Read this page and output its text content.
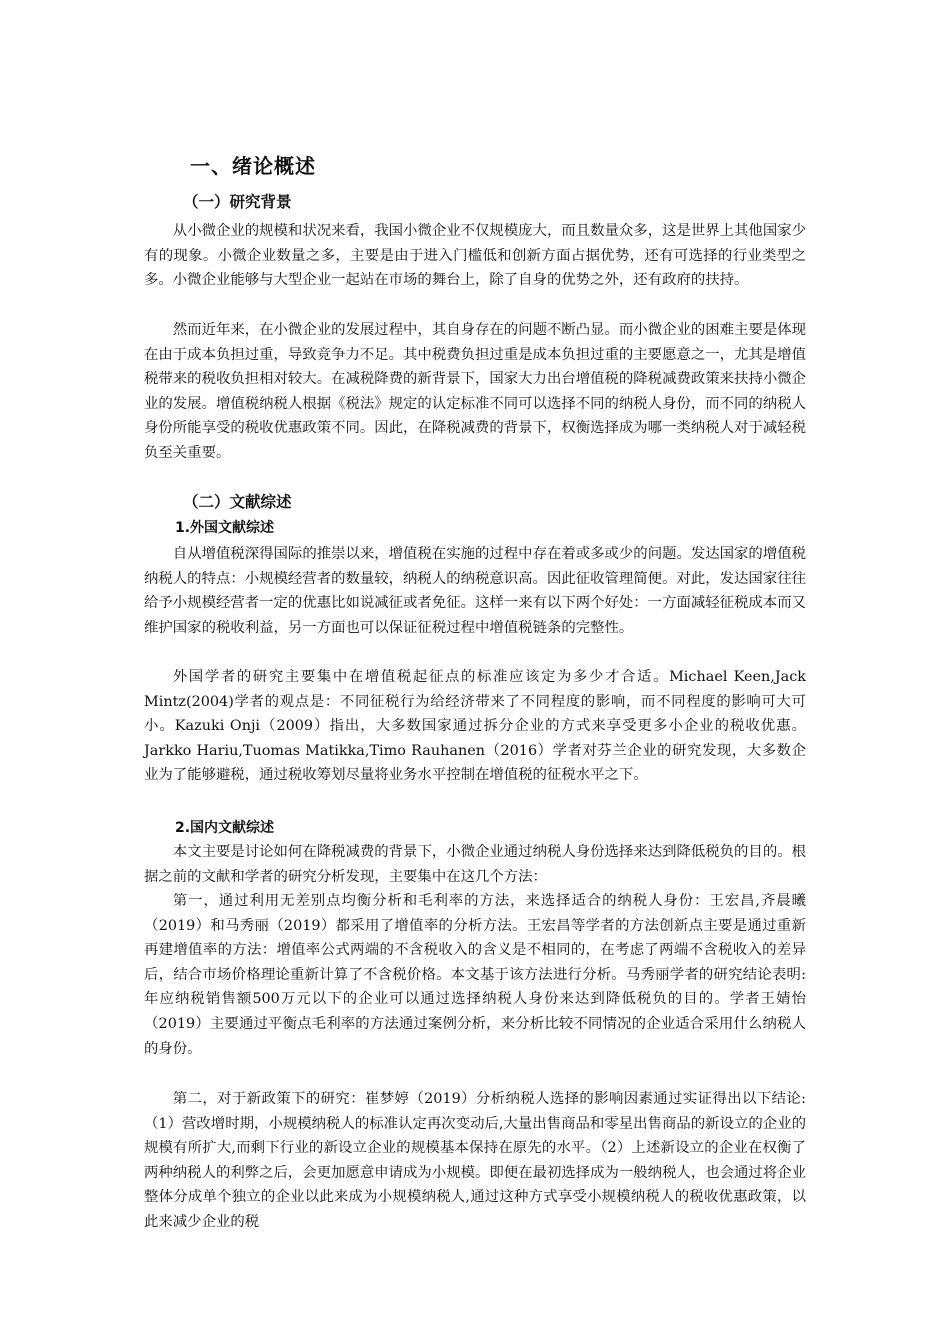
一、绪论概述
（一）研究背景

从小微企业的规模和状况来看，我国小微企业不仅规模庞大，而且数量众多，这是世界上其他国家少有的现象。小微企业数量之多，主要是由于进入门槛低和创新方面占据优势，还有可选择的行业类型之多。小微企业能够与大型企业一起站在市场的舞台上，除了自身的优势之外，还有政府的扶持。

然而近年来，在小微企业的发展过程中，其自身存在的问题不断凸显。而小微企业的困难主要是体现在由于成本负担过重，导致竞争力不足。其中税费负担过重是成本负担过重的主要愿意之一，尤其是增值税带来的税收负担相对较大。在减税降费的新背景下，国家大力出台增值税的降税减费政策来扶持小微企业的发展。增值税纳税人根据《税法》规定的认定标准不同可以选择不同的纳税人身份，而不同的纳税人身份所能享受的税收优惠政策不同。因此，在降税减费的背景下，权衡选择成为哪一类纳税人对于减轻税负至关重要。

（二）文献综述
1.外国文献综述

自从增值税深得国际的推崇以来，增值税在实施的过程中存在着或多或少的问题。发达国家的增值税纳税人的特点：小规模经营者的数量较，纳税人的纳税意识高。因此征收管理简便。对此，发达国家往往给予小规模经营者一定的优惠比如说减征或者免征。这样一来有以下两个好处：一方面减轻征税成本而又维护国家的税收利益，另一方面也可以保证征税过程中增值税链条的完整性。

外国学者的研究主要集中在增值税起征点的标准应该定为多少才合适。Michael Keen,Jack Mintz(2004)学者的观点是：不同征税行为给经济带来了不同程度的影响，而不同程度的影响可大可小。Kazuki Onji（2009）指出，大多数国家通过拆分企业的方式来享受更多小企业的税收优惠。Jarkko Hariu,Tuomas Matikka,Timo Rauhanen（2016）学者对芬兰企业的研究发现，大多数企业为了能够避税，通过税收筹划尽量将业务水平控制在增值税的征税水平之下。

2.国内文献综述

本文主要是讨论如何在降税减费的背景下，小微企业通过纳税人身份选择来达到降低税负的目的。根据之前的文献和学者的研究分析发现，主要集中在这几个方法：

第一，通过利用无差别点均衡分析和毛利率的方法，来选择适合的纳税人身份：王宏昌,齐晨曦（2019）和马秀丽（2019）都采用了增值率的分析方法。王宏昌等学者的方法创新点主要是通过重新再建增值率的方法：增值率公式两端的不含税收入的含义是不相同的，在考虑了两端不含税收入的差异后，结合市场价格理论重新计算了不含税价格。本文基于该方法进行分析。马秀丽学者的研究结论表明:年应纳税销售额500万元以下的企业可以通过选择纳税人身份来达到降低税负的目的。学者王婧怡（2019）主要通过平衡点毛利率的方法通过案例分析，来分析比较不同情况的企业适合采用什么纳税人的身份。

第二，对于新政策下的研究：崔梦婷（2019）分析纳税人选择的影响因素通过实证得出以下结论:（1）营改增时期，小规模纳税人的标准认定再次变动后,大量出售商品和零星出售商品的新设立的企业的规模有所扩大,而剩下行业的新设立企业的规模基本保持在原先的水平。（2）上述新设立的企业在权衡了两种纳税人的利弊之后，会更加愿意申请成为小规模。即便在最初选择成为一般纳税人，也会通过将企业整体分成单个独立的企业以此来成为小规模纳税人,通过这种方式享受小规模纳税人的税收优惠政策，以此来减少企业的税
